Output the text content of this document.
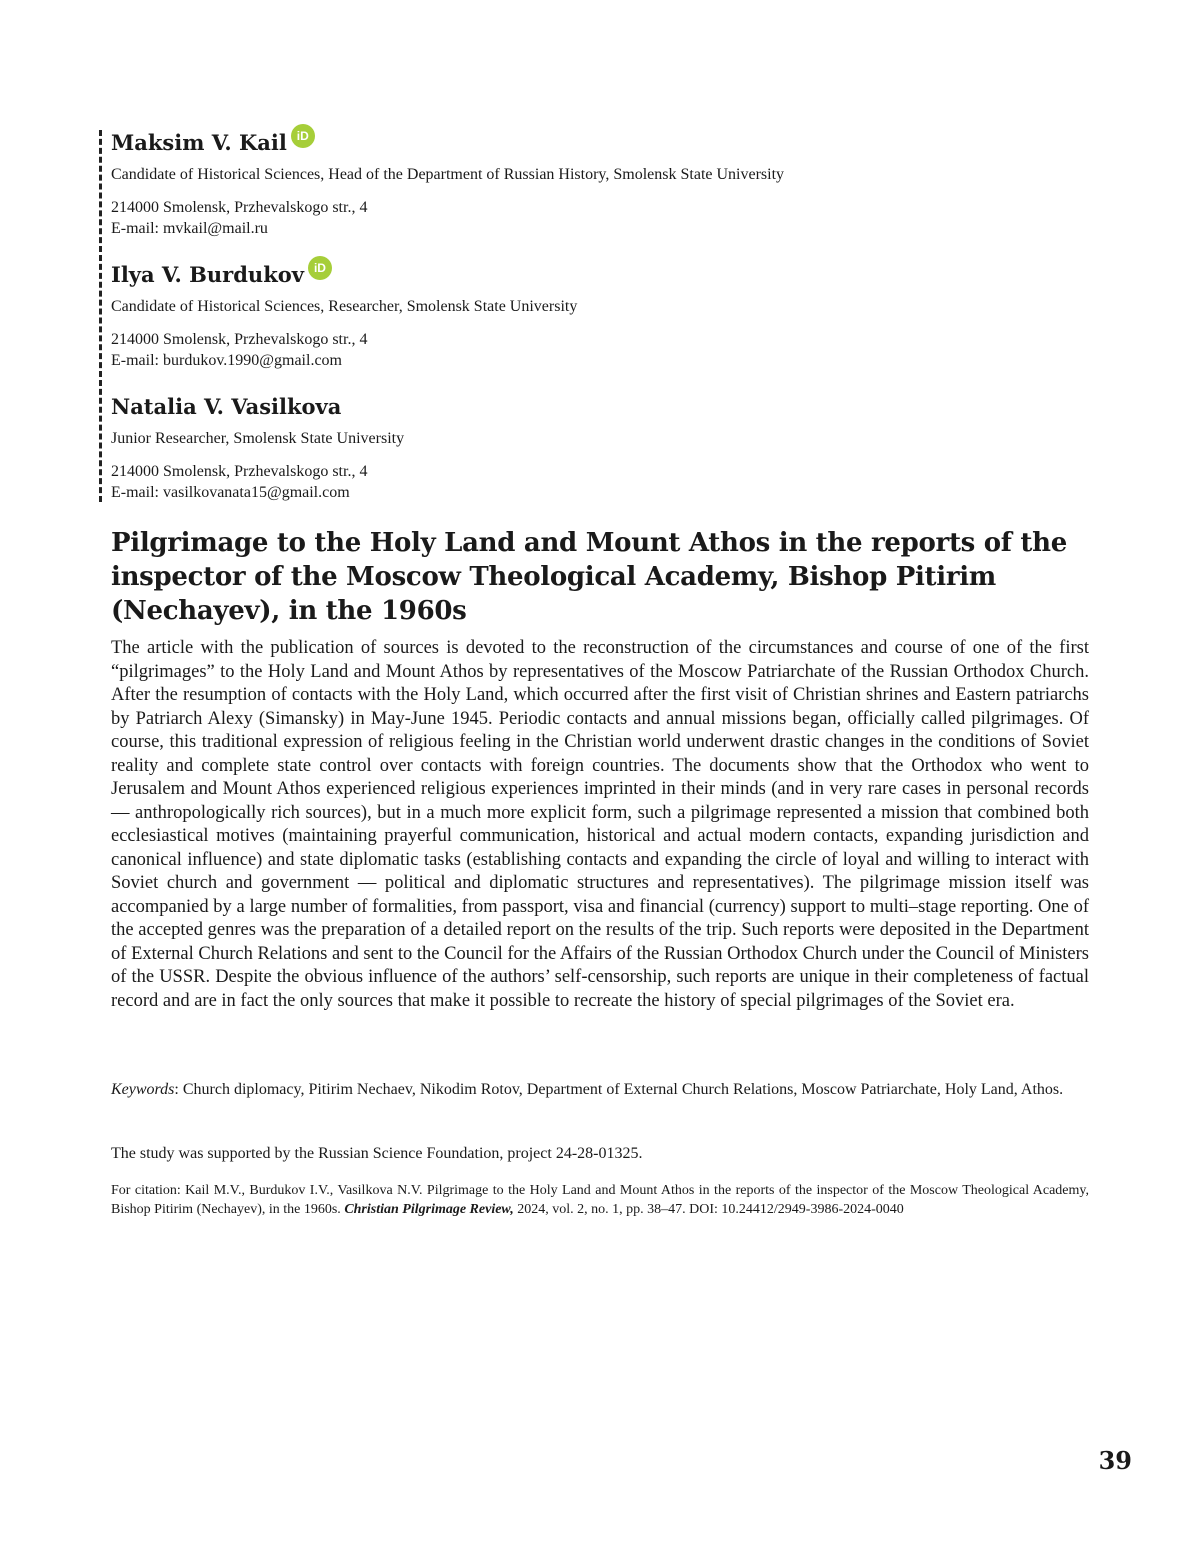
Maksim V. Kail iD
Candidate of Historical Sciences, Head of the Department of Russian History, Smolensk State University
214000 Smolensk, Przhevalskogo str., 4
E-mail: mvkail@mail.ru
Ilya V. Burdukov iD
Candidate of Historical Sciences, Researcher, Smolensk State University
214000 Smolensk, Przhevalskogo str., 4
E-mail: burdukov.1990@gmail.com
Natalia V. Vasilkova
Junior Researcher, Smolensk State University
214000 Smolensk, Przhevalskogo str., 4
E-mail: vasilkovanata15@gmail.com
Pilgrimage to the Holy Land and Mount Athos in the reports of the inspector of the Moscow Theological Academy, Bishop Pitirim (Nechayev), in the 1960s

The article with the publication of sources is devoted to the reconstruction of the circumstances and course of one of the first “pilgrimages” to the Holy Land and Mount Athos by representatives of the Moscow Patriarchate of the Russian Orthodox Church. After the resumption of contacts with the Holy Land, which occurred after the first visit of Christian shrines and Eastern patriarchs by Patriarch Alexy (Simansky) in May-June 1945. Periodic contacts and annual missions began, officially called pilgrimages. Of course, this traditional expression of religious feeling in the Christian world underwent drastic changes in the conditions of Soviet reality and complete state control over contacts with foreign countries. The documents show that the Orthodox who went to Jerusalem and Mount Athos experienced religious experiences imprinted in their minds (and in very rare cases in personal records — anthropologically rich sources), but in a much more explicit form, such a pilgrimage represented a mission that combined both ecclesiastical motives (maintaining prayerful communication, historical and actual modern contacts, expanding jurisdiction and canonical influence) and state diplomatic tasks (establishing contacts and expanding the circle of loyal and willing to interact with Soviet church and government — political and diplomatic structures and representatives). The pilgrimage mission itself was accompanied by a large number of formalities, from passport, visa and financial (currency) support to multi–stage reporting. One of the accepted genres was the preparation of a detailed report on the results of the trip. Such reports were deposited in the Department of External Church Relations and sent to the Council for the Affairs of the Russian Orthodox Church under the Council of Ministers of the USSR. Despite the obvious influence of the authors’ self-censorship, such reports are unique in their completeness of factual record and are in fact the only sources that make it possible to recreate the history of special pilgrimages of the Soviet era.

Keywords: Church diplomacy, Pitirim Nechaev, Nikodim Rotov, Department of External Church Relations, Moscow Patriarchate, Holy Land, Athos.

The study was supported by the Russian Science Foundation, project 24-28-01325.

For citation: Kail M.V., Burdukov I.V., Vasilkova N.V. Pilgrimage to the Holy Land and Mount Athos in the reports of the inspector of the Moscow Theological Academy, Bishop Pitirim (Nechayev), in the 1960s. Christian Pilgrimage Review, 2024, vol. 2, no. 1, pp. 38–47. DOI: 10.24412/2949-3986-2024-0040

39
